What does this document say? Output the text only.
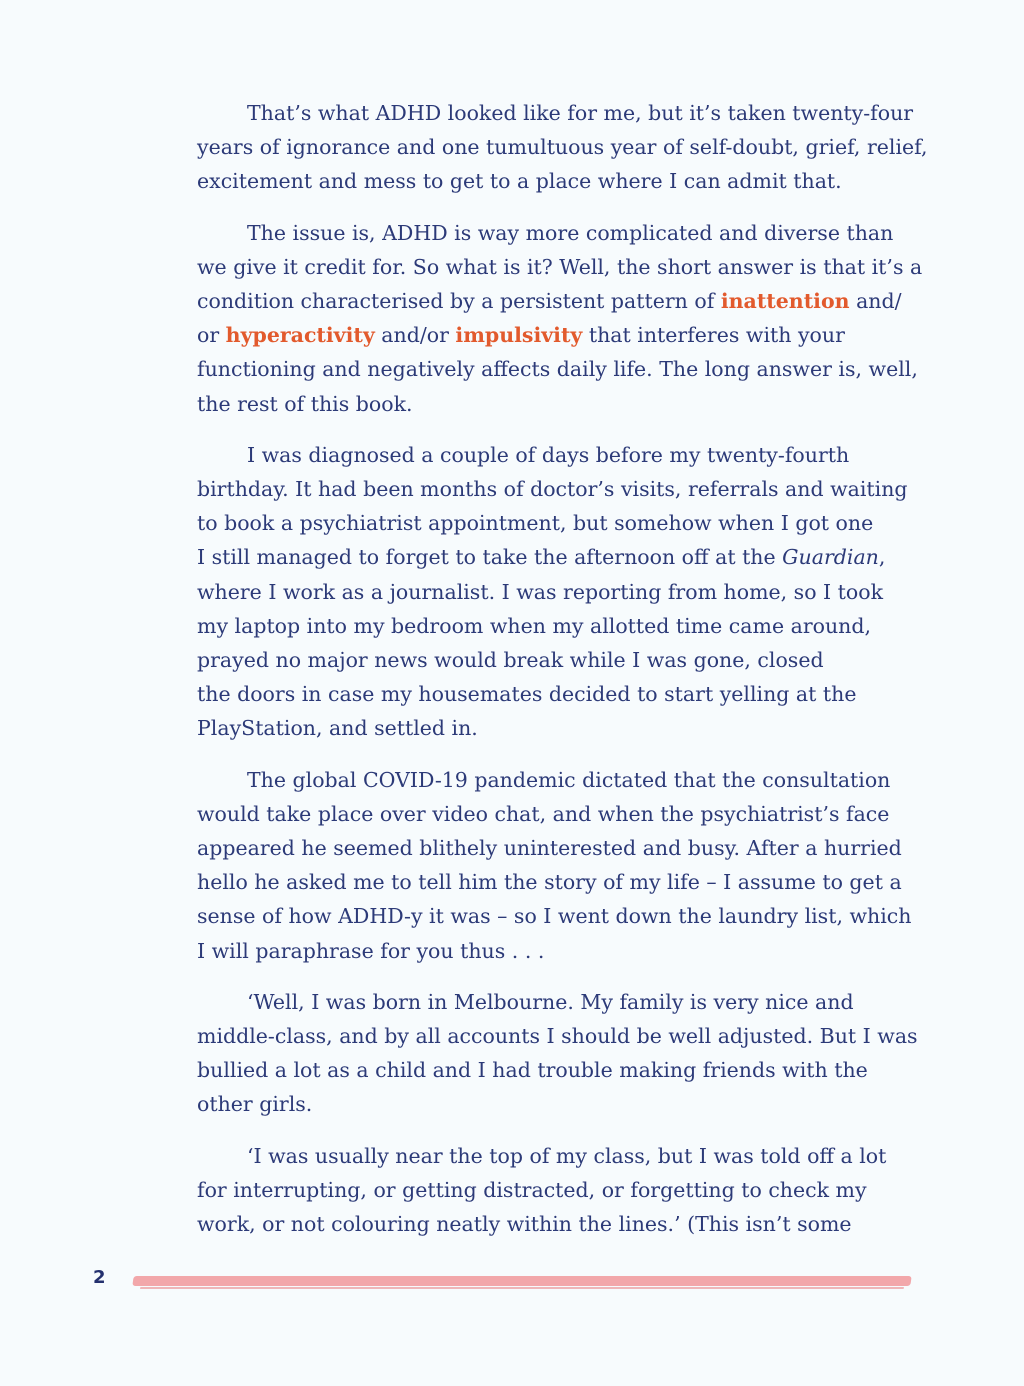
That’s what ADHD looked like for me, but it’s taken twenty-four
years of ignorance and one tumultuous year of self-doubt, grief, relief,
excitement and mess to get to a place where I can admit that.

The issue is, ADHD is way more complicated and diverse than
we give it credit for. So what is it? Well, the short answer is that it’s a
condition characterised by a persistent pattern of inattention and/
or hyperactivity and/or impulsivity that interferes with your
functioning and negatively affects daily life. The long answer is, well,
the rest of this book.

I was diagnosed a couple of days before my twenty-fourth
birthday. It had been months of doctor’s visits, referrals and waiting
to book a psychiatrist appointment, but somehow when I got one
I still managed to forget to take the afternoon off at the Guardian,
where I work as a journalist. I was reporting from home, so I took
my laptop into my bedroom when my allotted time came around,
prayed no major news would break while I was gone, closed
the doors in case my housemates decided to start yelling at the
PlayStation, and settled in.

The global COVID-19 pandemic dictated that the consultation
would take place over video chat, and when the psychiatrist’s face
appeared he seemed blithely uninterested and busy. After a hurried
hello he asked me to tell him the story of my life – I assume to get a
sense of how ADHD-y it was – so I went down the laundry list, which
I will paraphrase for you thus . . .

‘Well, I was born in Melbourne. My family is very nice and
middle-class, and by all accounts I should be well adjusted. But I was
bullied a lot as a child and I had trouble making friends with the
other girls.

‘I was usually near the top of my class, but I was told off a lot
for interrupting, or getting distracted, or forgetting to check my
work, or not colouring neatly within the lines.’ (This isn’t some

2
